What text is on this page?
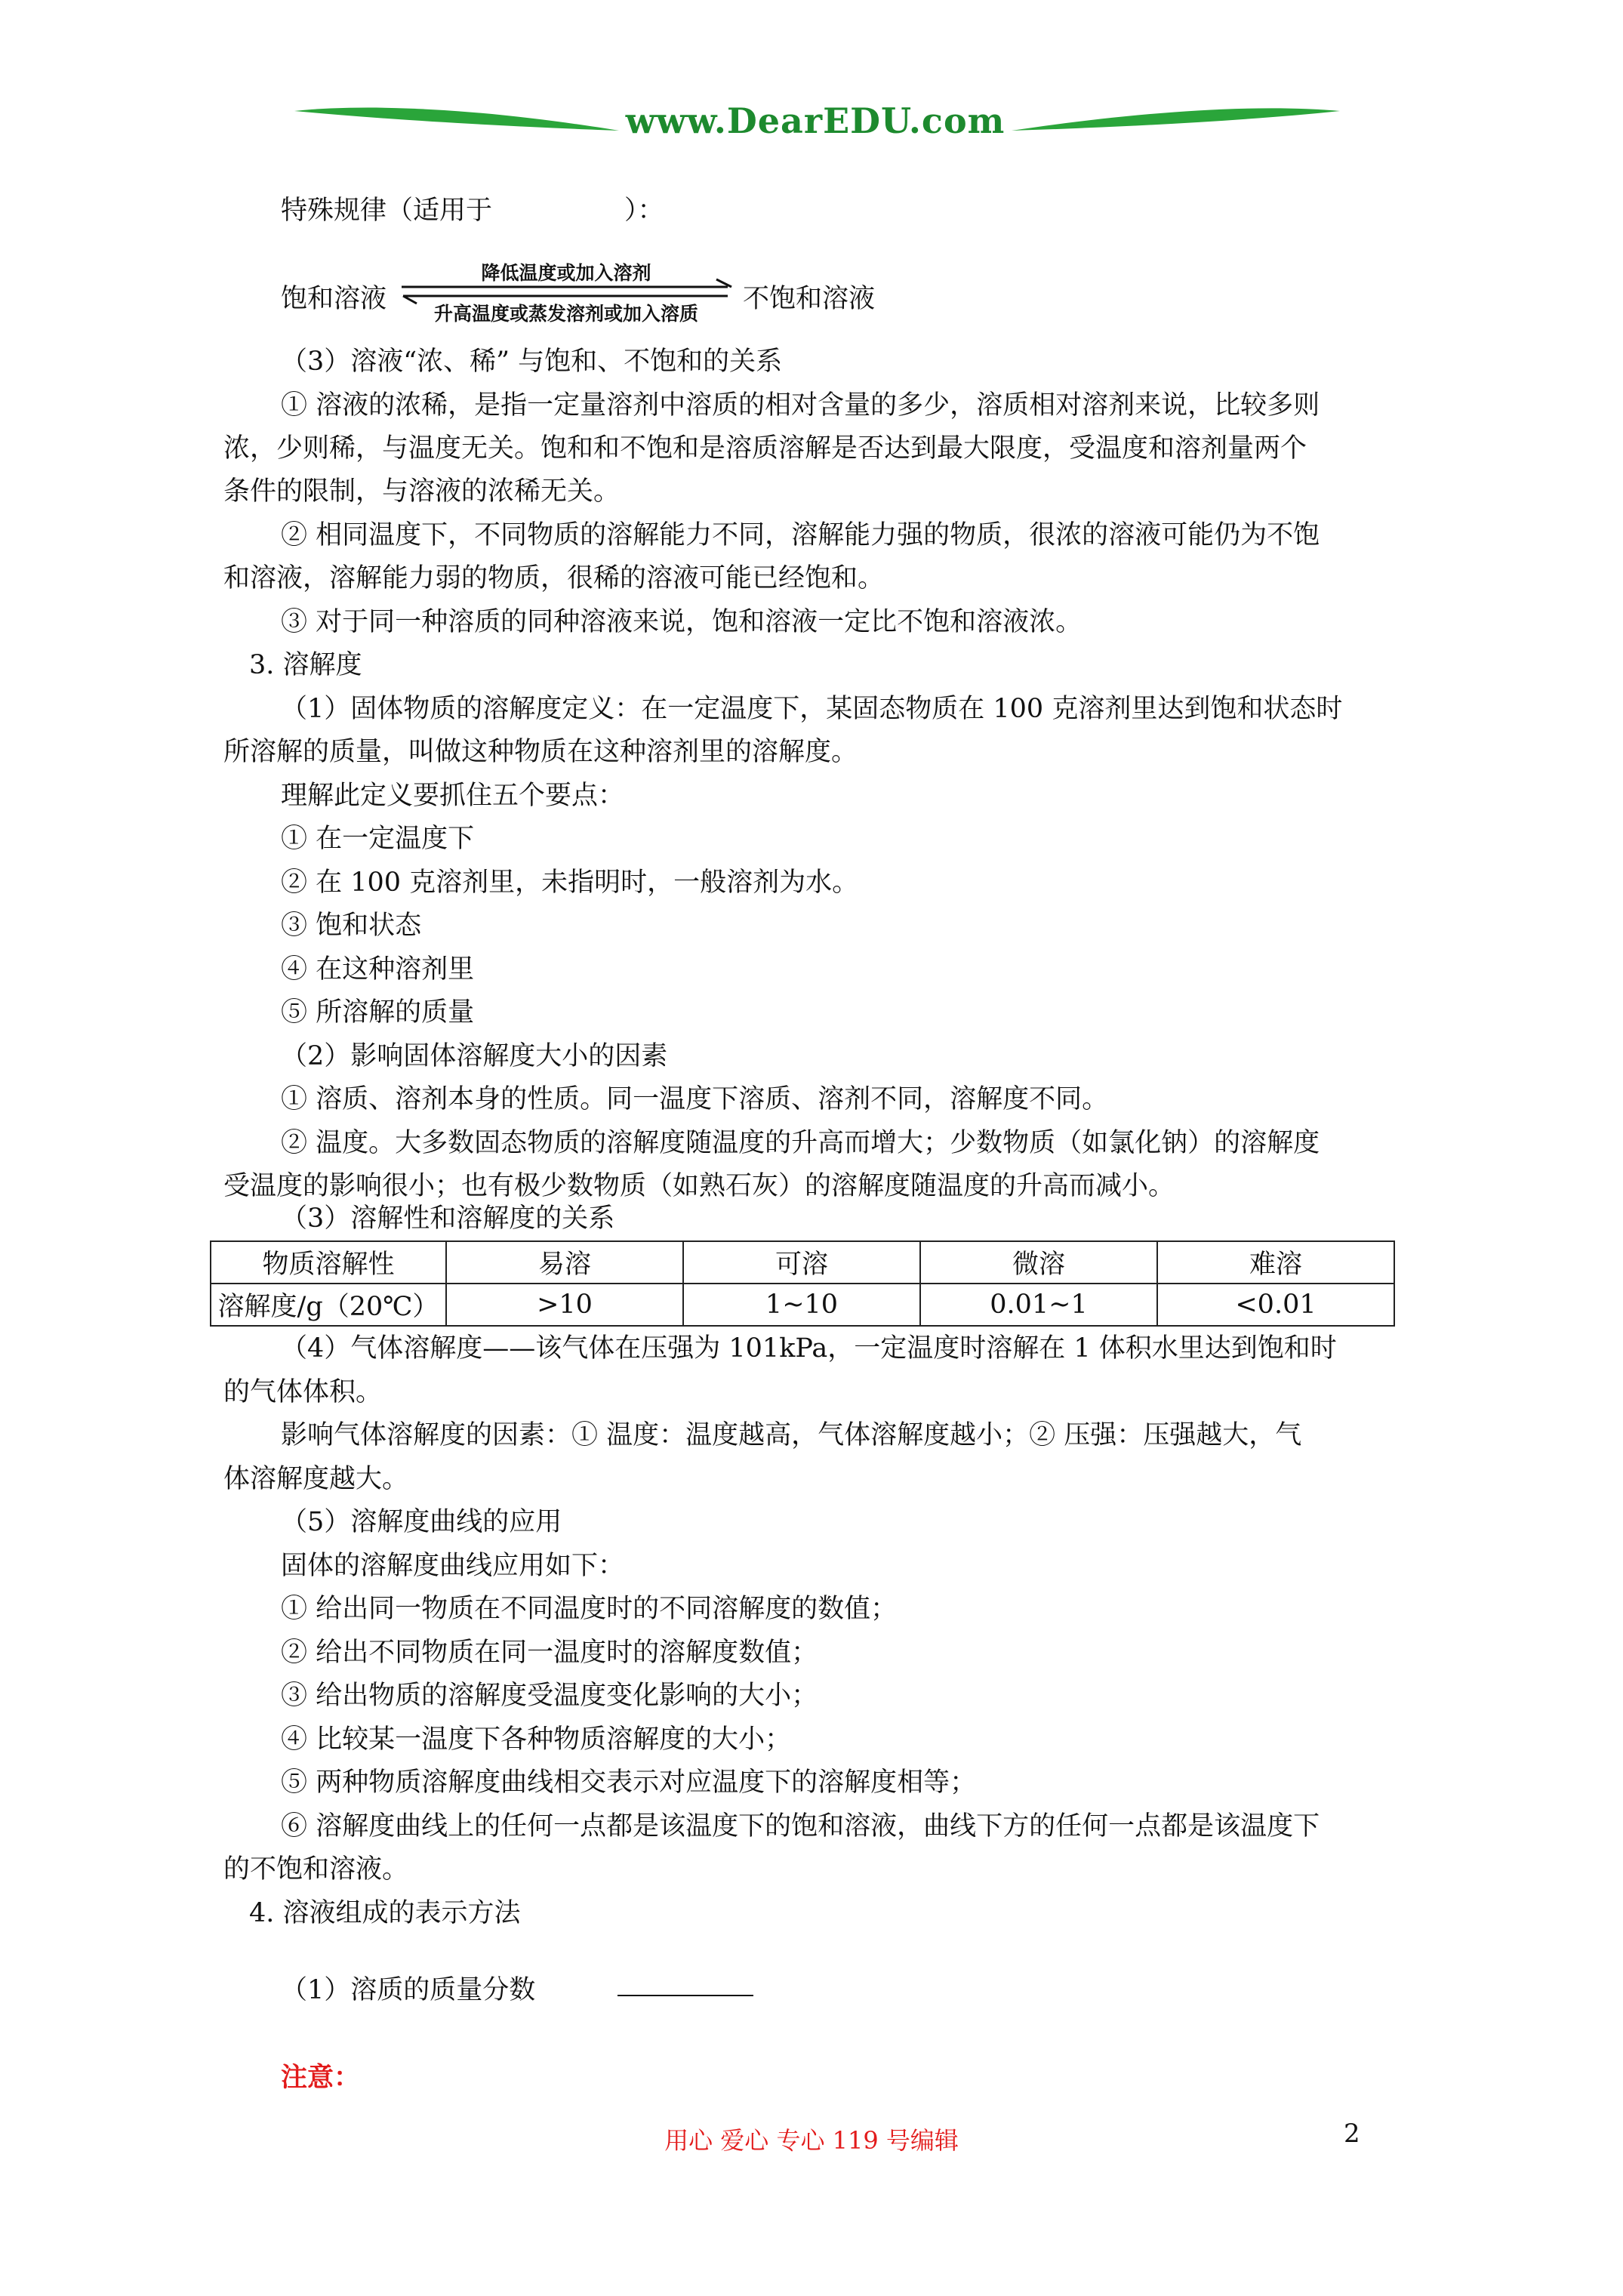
www.DearEDU.com
特殊规律（适用于　　　　　）：
饱和溶液
降低温度或加入溶剂
升高温度或蒸发溶剂或加入溶质	不饱和溶液
（3）溶液“浓、稀” 与饱和、不饱和的关系
① 溶液的浓稀，是指一定量溶剂中溶质的相对含量的多少，溶质相对溶剂来说，比较多则
浓，少则稀，与温度无关。饱和和不饱和是溶质溶解是否达到最大限度，受温度和溶剂量两个
条件的限制，与溶液的浓稀无关。
② 相同温度下，不同物质的溶解能力不同，溶解能力强的物质，很浓的溶液可能仍为不饱
和溶液，溶解能力弱的物质，很稀的溶液可能已经饱和。
③ 对于同一种溶质的同种溶液来说，饱和溶液一定比不饱和溶液浓。
3. 溶解度
（1）固体物质的溶解度定义：在一定温度下，某固态物质在 100 克溶剂里达到饱和状态时
所溶解的质量，叫做这种物质在这种溶剂里的溶解度。
理解此定义要抓住五个要点：
① 在一定温度下
② 在 100 克溶剂里，未指明时，一般溶剂为水。
③ 饱和状态
④ 在这种溶剂里
⑤ 所溶解的质量
（2）影响固体溶解度大小的因素
① 溶质、溶剂本身的性质。同一温度下溶质、溶剂不同，溶解度不同。
② 温度。大多数固态物质的溶解度随温度的升高而增大；少数物质（如氯化钠）的溶解度
受温度的影响很小；也有极少数物质（如熟石灰）的溶解度随温度的升高而减小。
（3）溶解性和溶解度的关系
物质溶解性	易溶	可溶	微溶	难溶
溶解度/g（20℃）	>10	1~10	0.01~1	<0.01
（4）气体溶解度——该气体在压强为 101kPa，一定温度时溶解在 1 体积水里达到饱和时
的气体体积。
影响气体溶解度的因素：① 温度：温度越高，气体溶解度越小；② 压强：压强越大，气
体溶解度越大。
（5）溶解度曲线的应用
固体的溶解度曲线应用如下：
① 给出同一物质在不同温度时的不同溶解度的数值；
② 给出不同物质在同一温度时的溶解度数值；
③ 给出物质的溶解度受温度变化影响的大小；
④ 比较某一温度下各种物质溶解度的大小；
⑤ 两种物质溶解度曲线相交表示对应温度下的溶解度相等；
⑥ 溶解度曲线上的任何一点都是该温度下的饱和溶液，曲线下方的任何一点都是该温度下
的不饱和溶液。
4. 溶液组成的表示方法
（1）溶质的质量分数
注意：
用心 爱心 专心 119 号编辑	2
